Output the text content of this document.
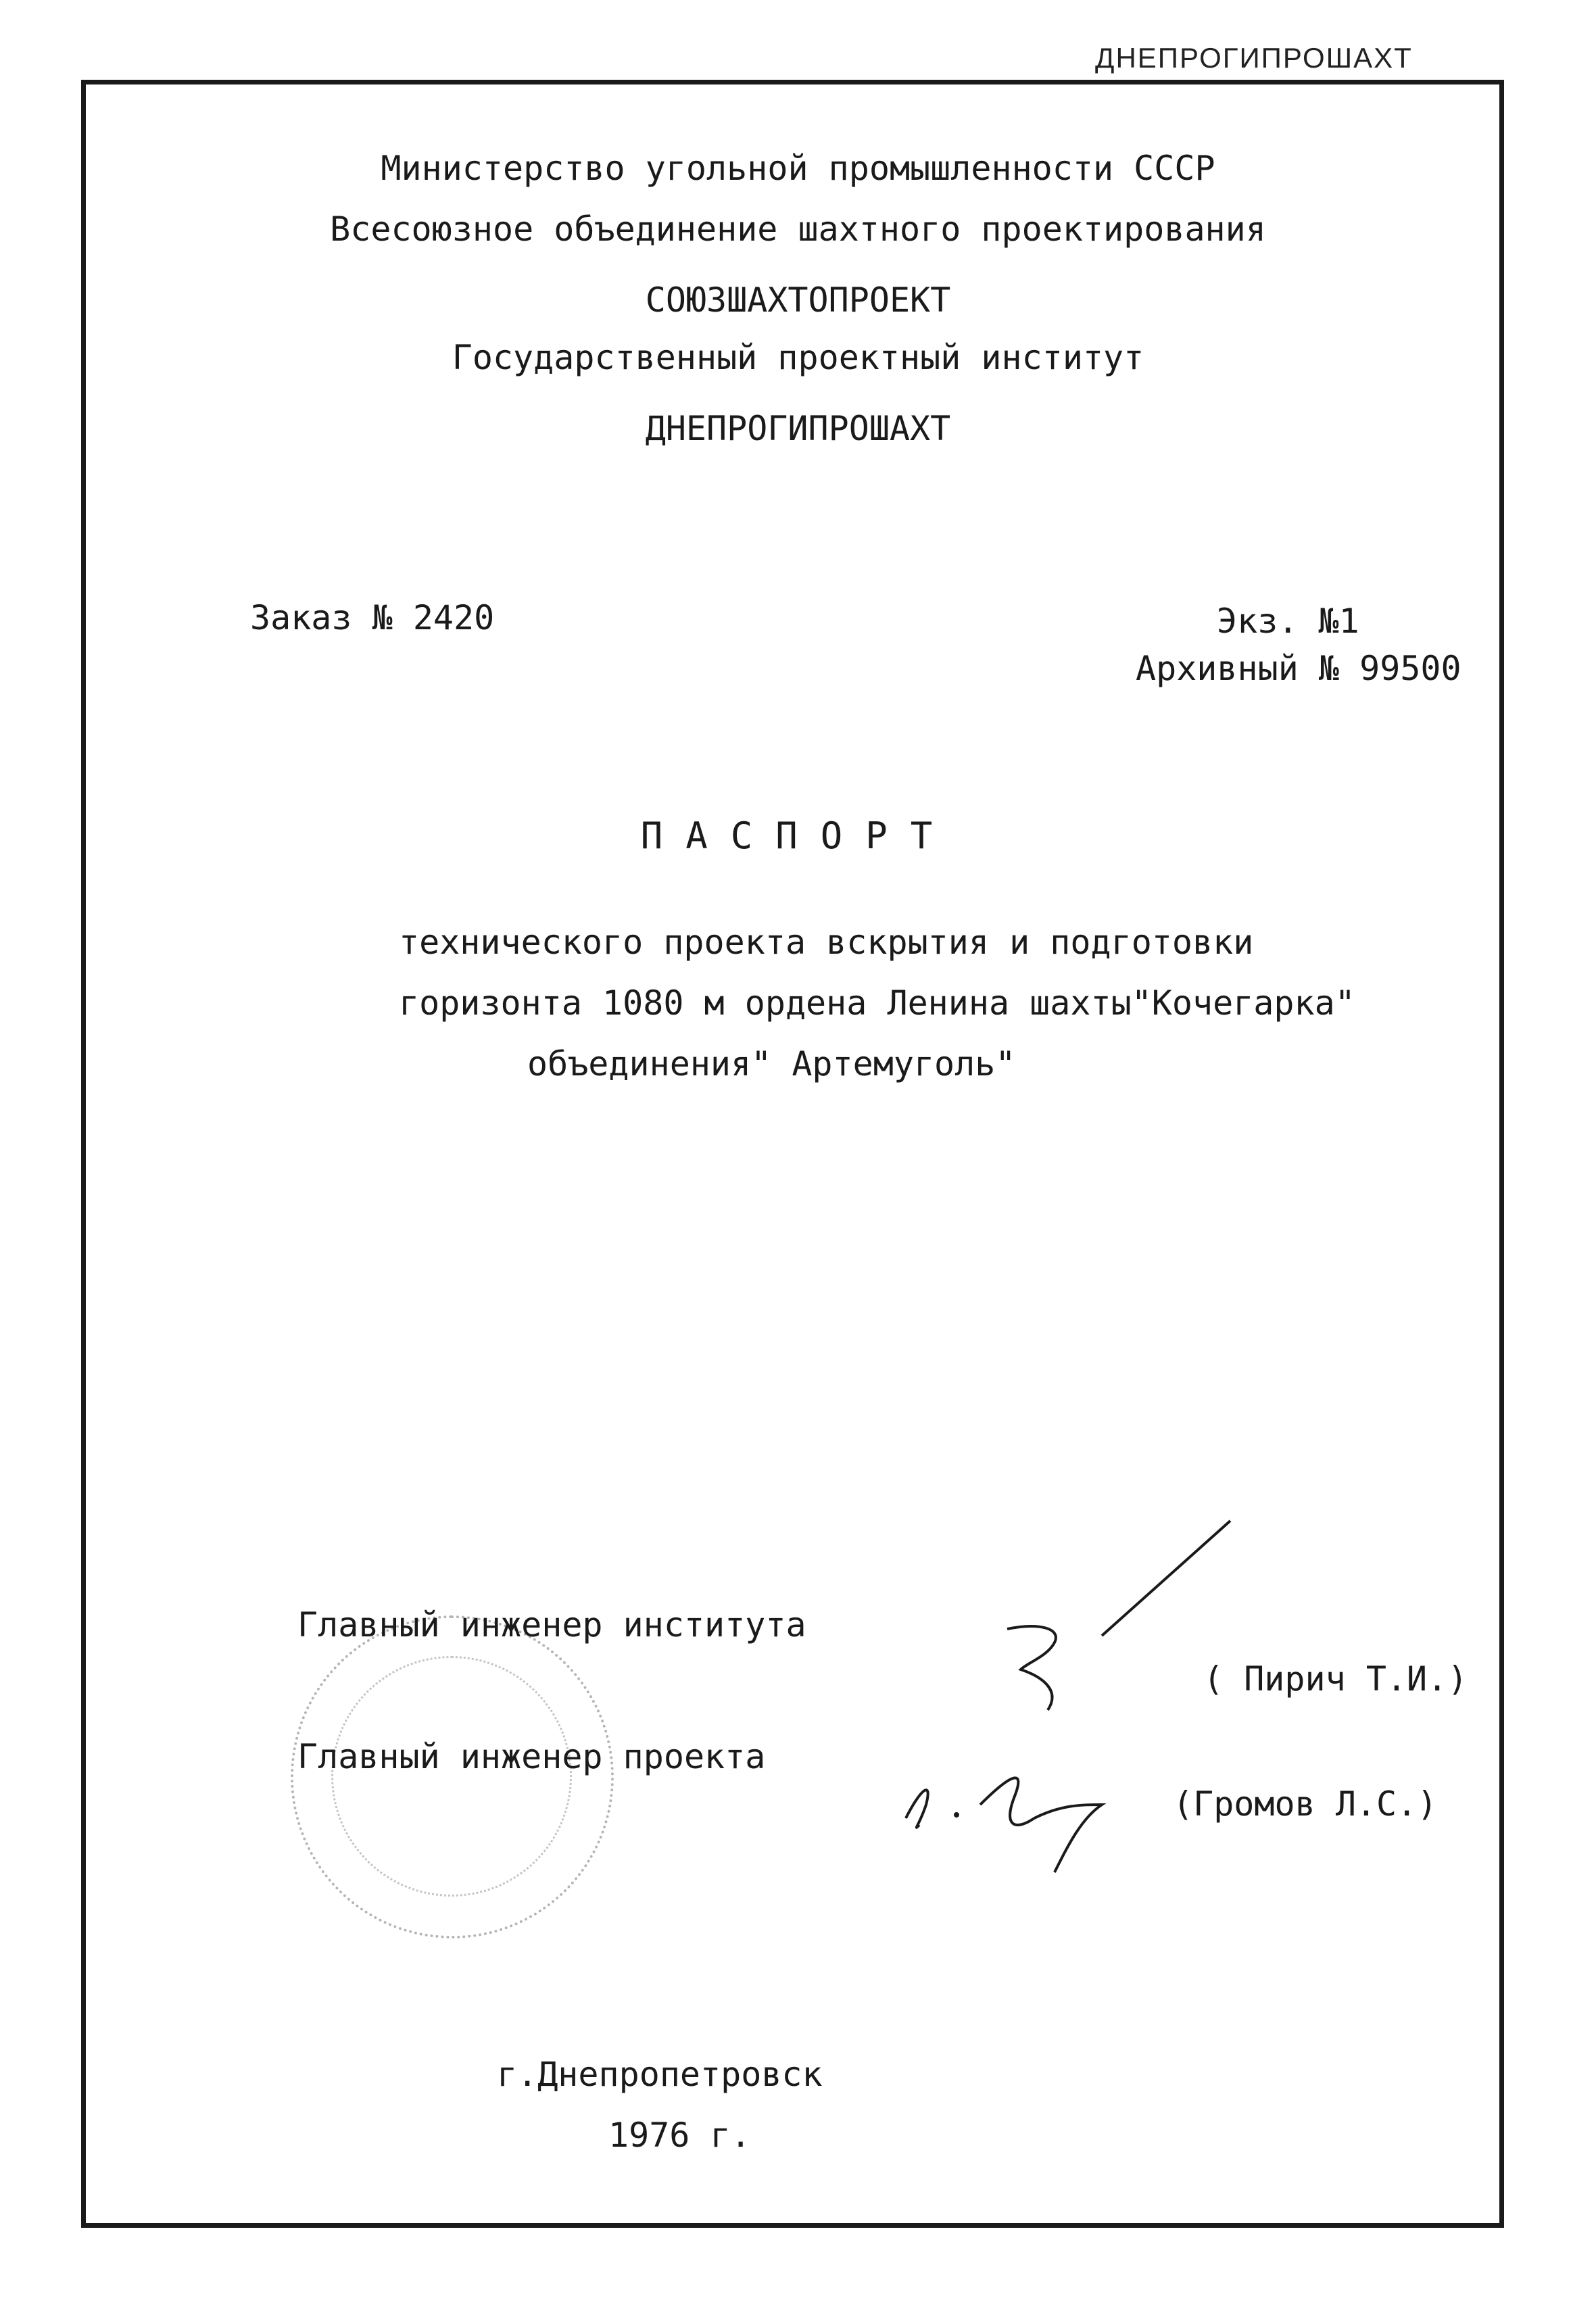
ДНЕПРОГИПРОШАХТ
Министерство угольной промышленности СССР
Всесоюзное объединение шахтного проектирования
СОЮЗШАХТОПРОЕКТ
Государственный проектный институт
ДНЕПРОГИПРОШАХТ
Заказ № 2420	Экз. №1
Архивный № 99500
ПАСПОРТ
технического проекта вскрытия и подготовки
горизонта 1080 м ордена Ленина шахты"Кочегарка"
объединения" Артемуголь"
Главный инженер института
( Пирич Т.И.)
Главный инженер проекта
(Громов Л.С.)
г.Днепропетровск
1976 г.
